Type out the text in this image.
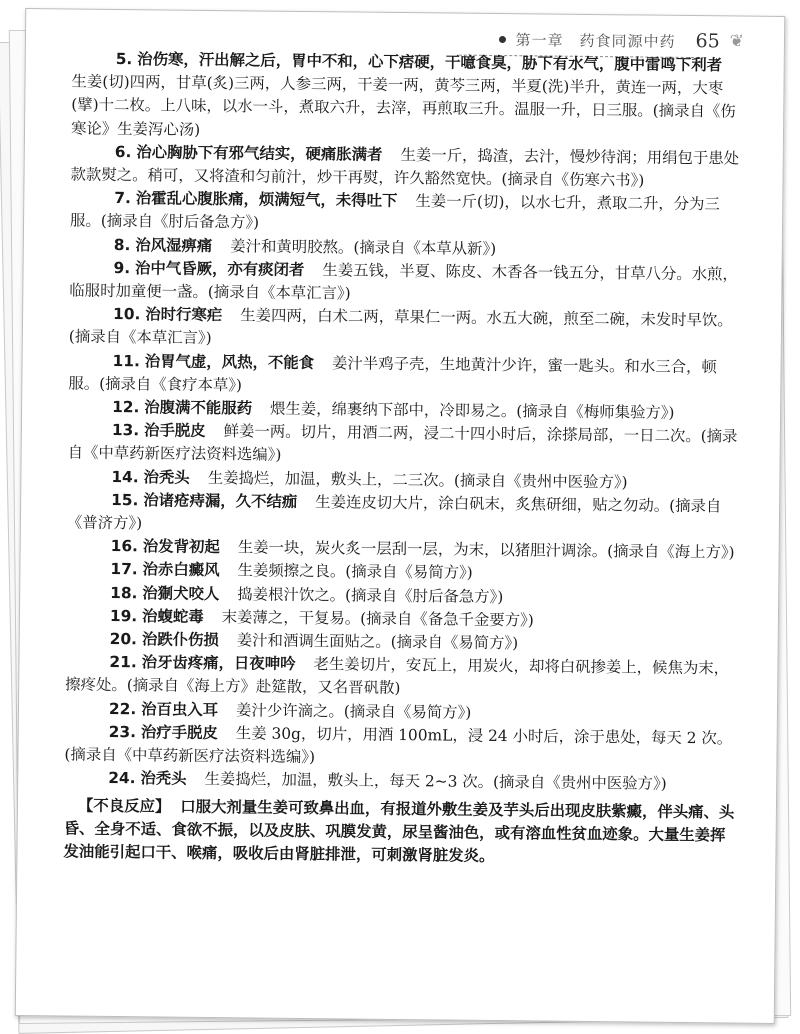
第一章　药食同源中药 65 ❦

5. 治伤寒，汗出解之后，胃中不和，心下痞硬，干噫食臭，胁下有水气，腹中雷鸣下利者生姜(切)四两，甘草(炙)三两，人参三两，干姜一两，黄芩三两，半夏(洗)半升，黄连一两，大枣(擘)十二枚。上八味，以水一斗，煮取六升，去滓，再煎取三升。温服一升，日三服。(摘录自《伤寒论》生姜泻心汤)

6. 治心胸胁下有邪气结实，硬痛胀满者 生姜一斤，捣渣，去汁，慢炒待润；用绢包于患处款款熨之。稍可，又将渣和匀前汁，炒干再熨，许久豁然宽快。(摘录自《伤寒六书》)

7. 治霍乱心腹胀痛，烦满短气，未得吐下 生姜一斤(切)，以水七升，煮取二升，分为三服。(摘录自《肘后备急方》)

8. 治风湿痹痛 姜汁和黄明胶熬。(摘录自《本草从新》)

9. 治中气昏厥，亦有痰闭者 生姜五钱，半夏、陈皮、木香各一钱五分，甘草八分。水煎，临服时加童便一盏。(摘录自《本草汇言》)

10. 治时行寒疟 生姜四两，白术二两，草果仁一两。水五大碗，煎至二碗，未发时早饮。(摘录自《本草汇言》)

11. 治胃气虚，风热，不能食 姜汁半鸡子壳，生地黄汁少许，蜜一匙头。和水三合，顿服。(摘录自《食疗本草》)

12. 治腹满不能服药 煨生姜，绵裹纳下部中，冷即易之。(摘录自《梅师集验方》)

13. 治手脱皮 鲜姜一两。切片，用酒二两，浸二十四小时后，涂搽局部，一日二次。(摘录自《中草药新医疗法资料选编》)

14. 治秃头 生姜捣烂，加温，敷头上，二三次。(摘录自《贵州中医验方》)

15. 治诸疮痔漏，久不结痂 生姜连皮切大片，涂白矾末，炙焦研细，贴之勿动。(摘录自《普济方》)

16. 治发背初起 生姜一块，炭火炙一层刮一层，为末，以猪胆汁调涂。(摘录自《海上方》)

17. 治赤白癜风 生姜频擦之良。(摘录自《易简方》)

18. 治猘犬咬人 捣姜根汁饮之。(摘录自《肘后备急方》)

19. 治蝮蛇毒 末姜薄之，干复易。(摘录自《备急千金要方》)

20. 治跌仆伤损 姜汁和酒调生面贴之。(摘录自《易简方》)

21. 治牙齿疼痛，日夜呻吟 老生姜切片，安瓦上，用炭火，却将白矾掺姜上，候焦为末，擦疼处。(摘录自《海上方》赴筵散，又名晋矾散)

22. 治百虫入耳 姜汁少许滴之。(摘录自《易简方》)

23. 治疗手脱皮 生姜 30g，切片，用酒 100mL，浸 24 小时后，涂于患处，每天 2 次。(摘录自《中草药新医疗法资料选编》)

24. 治秃头 生姜捣烂，加温，敷头上，每天 2~3 次。(摘录自《贵州中医验方》)

【不良反应】 口服大剂量生姜可致鼻出血，有报道外敷生姜及芋头后出现皮肤紫癜，伴头痛、头昏、全身不适、食欲不振，以及皮肤、巩膜发黄，尿呈酱油色，或有溶血性贫血迹象。大量生姜挥发油能引起口干、喉痛，吸收后由肾脏排泄，可刺激肾脏发炎。
